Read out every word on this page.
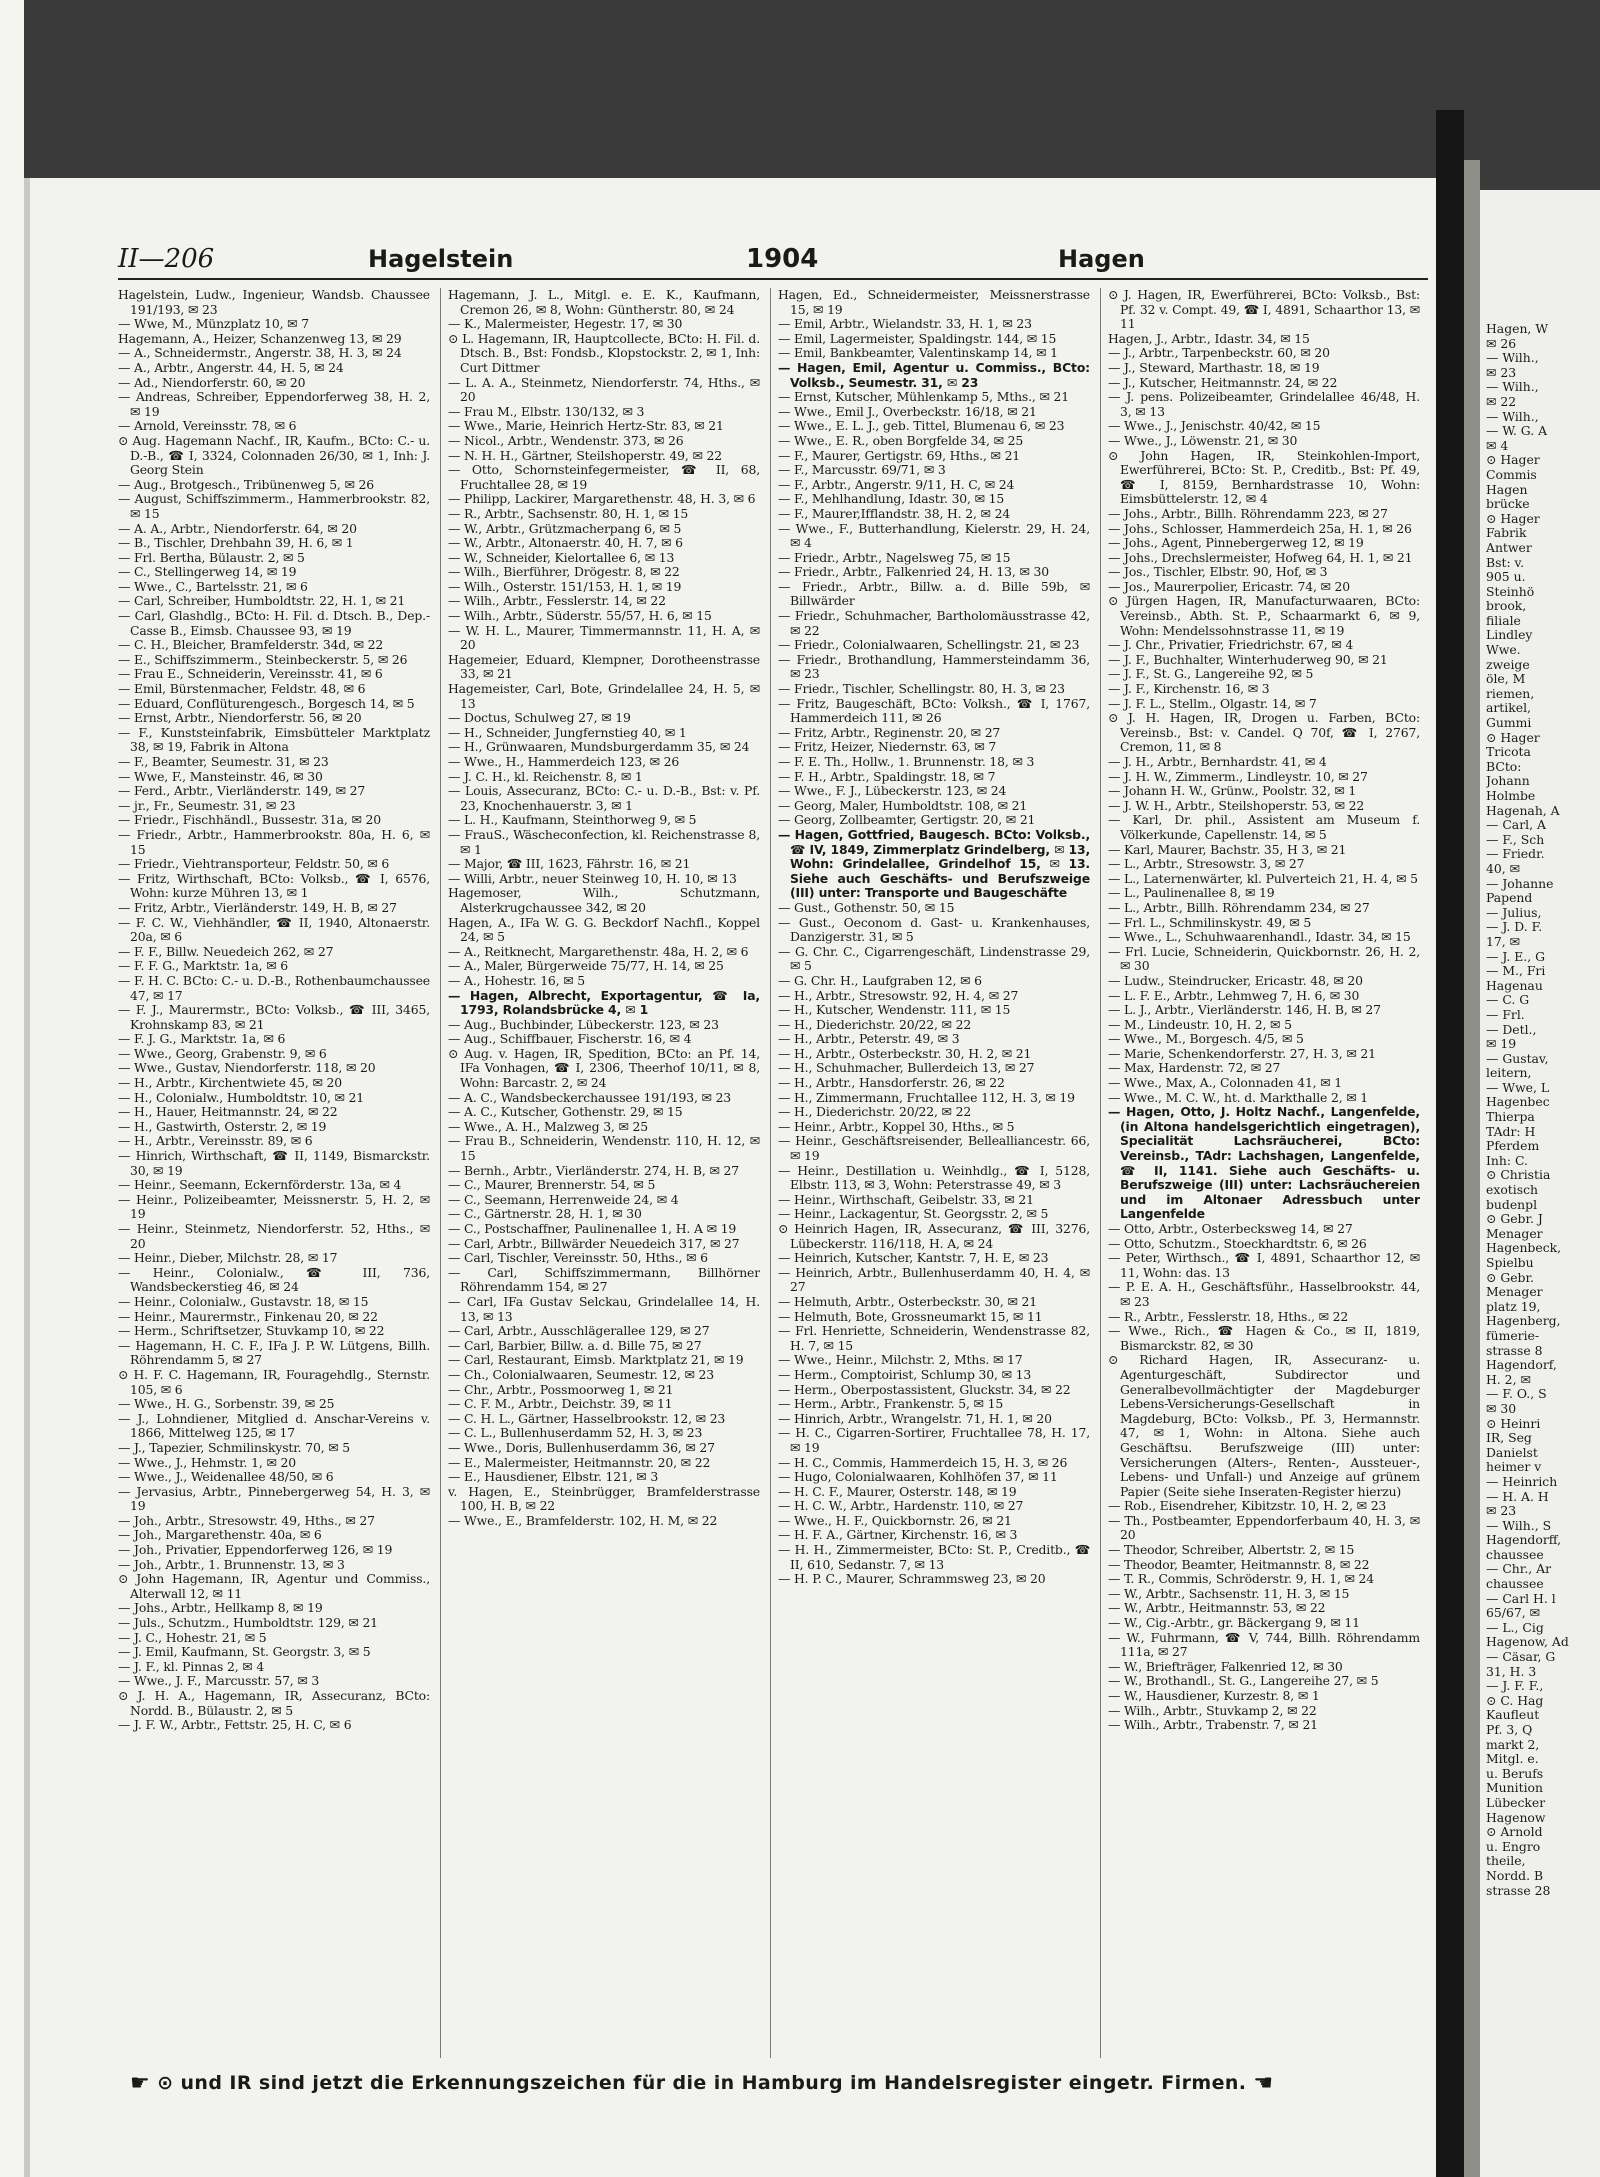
II—206	Hagelstein	1904	Hagen

Hagelstein, Ludw., Ingenieur, Wandsb. Chaussee 191/193, ✉ 23

— Wwe, M., Münzplatz 10, ✉ 7

Hagemann, A., Heizer, Schanzenweg 13, ✉ 29

— A., Schneidermstr., Angerstr. 38, H. 3, ✉ 24

— A., Arbtr., Angerstr. 44, H. 5, ✉ 24

— Ad., Niendorferstr. 60, ✉ 20

— Andreas, Schreiber, Eppendorferweg 38, H. 2, ✉ 19

— Arnold, Vereinsstr. 78, ✉ 6

⊙ Aug. Hagemann Nachf., IR, Kaufm., BCto: C.- u. D.-B., ☎ I, 3324, Colonnaden 26/30, ✉ 1, Inh: J. Georg Stein

— Aug., Brotgesch., Tribünenweg 5, ✉ 26

— August, Schiffszimmerm., Hammerbrookstr. 82, ✉ 15

— A. A., Arbtr., Niendorferstr. 64, ✉ 20

— B., Tischler, Drehbahn 39, H. 6, ✉ 1

— Frl. Bertha, Bülaustr. 2, ✉ 5

— C., Stellingerweg 14, ✉ 19

— Wwe., C., Bartelsstr. 21, ✉ 6

— Carl, Schreiber, Humboldtstr. 22, H. 1, ✉ 21

— Carl, Glashdlg., BCto: H. Fil. d. Dtsch. B., Dep.-Casse B., Eimsb. Chaussee 93, ✉ 19

— C. H., Bleicher, Bramfelderstr. 34d, ✉ 22

— E., Schiffszimmerm., Steinbeckerstr. 5, ✉ 26

— Frau E., Schneiderin, Vereinsstr. 41, ✉ 6

— Emil, Bürstenmacher, Feldstr. 48, ✉ 6

— Eduard, Conflüturengesch., Borgesch 14, ✉ 5

— Ernst, Arbtr., Niendorferstr. 56, ✉ 20

— F., Kunststeinfabrik, Eimsbütteler Marktplatz 38, ✉ 19, Fabrik in Altona

— F., Beamter, Seumestr. 31, ✉ 23

— Wwe, F., Mansteinstr. 46, ✉ 30

— Ferd., Arbtr., Vierländerstr. 149, ✉ 27

— jr., Fr., Seumestr. 31, ✉ 23

— Friedr., Fischhändl., Bussestr. 31a, ✉ 20

— Friedr., Arbtr., Hammerbrookstr. 80a, H. 6, ✉ 15

— Friedr., Viehtransporteur, Feldstr. 50, ✉ 6

— Fritz, Wirthschaft, BCto: Volksb., ☎ I, 6576, Wohn: kurze Mühren 13, ✉ 1

— Fritz, Arbtr., Vierländerstr. 149, H. B, ✉ 27

— F. C. W., Viehhändler, ☎ II, 1940, Altonaerstr. 20a, ✉ 6

— F. F., Billw. Neuedeich 262, ✉ 27

— F. F. G., Marktstr. 1a, ✉ 6

— F. H. C. BCto: C.- u. D.-B., Rothenbaumchaussee 47, ✉ 17

— F. J., Maurermstr., BCto: Volksb., ☎ III, 3465, Krohnskamp 83, ✉ 21

— F. J. G., Marktstr. 1a, ✉ 6

— Wwe., Georg, Grabenstr. 9, ✉ 6

— Wwe., Gustav, Niendorferstr. 118, ✉ 20

— H., Arbtr., Kirchentwiete 45, ✉ 20

— H., Colonialw., Humboldtstr. 10, ✉ 21

— H., Hauer, Heitmannstr. 24, ✉ 22

— H., Gastwirth, Osterstr. 2, ✉ 19

— H., Arbtr., Vereinsstr. 89, ✉ 6

— Hinrich, Wirthschaft, ☎ II, 1149, Bismarckstr. 30, ✉ 19

— Heinr., Seemann, Eckernförderstr. 13a, ✉ 4

— Heinr., Polizeibeamter, Meissnerstr. 5, H. 2, ✉ 19

— Heinr., Steinmetz, Niendorferstr. 52, Hths., ✉ 20

— Heinr., Dieber, Milchstr. 28, ✉ 17

— Heinr., Colonialw., ☎ III, 736, Wandsbeckerstieg 46, ✉ 24

— Heinr., Colonialw., Gustavstr. 18, ✉ 15

— Heinr., Maurermstr., Finkenau 20, ✉ 22

— Herm., Schriftsetzer, Stuvkamp 10, ✉ 22

— Hagemann, H. C. F., IFa J. P. W. Lütgens, Billh. Röhrendamm 5, ✉ 27

⊙ H. F. C. Hagemann, IR, Fouragehdlg., Sternstr. 105, ✉ 6

— Wwe., H. G., Sorbenstr. 39, ✉ 25

— J., Lohndiener, Mitglied d. Anschar-Vereins v. 1866, Mittelweg 125, ✉ 17

— J., Tapezier, Schmilinskystr. 70, ✉ 5

— Wwe., J., Hehmstr. 1, ✉ 20

— Wwe., J., Weidenallee 48/50, ✉ 6

— Jervasius, Arbtr., Pinnebergerweg 54, H. 3, ✉ 19

— Joh., Arbtr., Stresowstr. 49, Hths., ✉ 27

— Joh., Margarethenstr. 40a, ✉ 6

— Joh., Privatier, Eppendorferweg 126, ✉ 19

— Joh., Arbtr., 1. Brunnenstr. 13, ✉ 3

⊙ John Hagemann, IR, Agentur und Commiss., Alterwall 12, ✉ 11

— Johs., Arbtr., Hellkamp 8, ✉ 19

— Juls., Schutzm., Humboldtstr. 129, ✉ 21

— J. C., Hohestr. 21, ✉ 5

— J. Emil, Kaufmann, St. Georgstr. 3, ✉ 5

— J. F., kl. Pinnas 2, ✉ 4

— Wwe., J. F., Marcusstr. 57, ✉ 3

⊙ J. H. A., Hagemann, IR, Assecuranz, BCto: Nordd. B., Bülaustr. 2, ✉ 5

— J. F. W., Arbtr., Fettstr. 25, H. C, ✉ 6

Hagemann, J. L., Mitgl. e. E. K., Kaufmann, Cremon 26, ✉ 8, Wohn: Güntherstr. 80, ✉ 24

— K., Malermeister, Hegestr. 17, ✉ 30

⊙ L. Hagemann, IR, Hauptcollecte, BCto: H. Fil. d. Dtsch. B., Bst: Fondsb., Klopstockstr. 2, ✉ 1, Inh: Curt Dittmer

— L. A. A., Steinmetz, Niendorferstr. 74, Hths., ✉ 20

— Frau M., Elbstr. 130/132, ✉ 3

— Wwe., Marie, Heinrich Hertz-Str. 83, ✉ 21

— Nicol., Arbtr., Wendenstr. 373, ✉ 26

— N. H. H., Gärtner, Steilshoperstr. 49, ✉ 22

— Otto, Schornsteinfegermeister, ☎ II, 68, Fruchtallee 28, ✉ 19

— Philipp, Lackirer, Margarethenstr. 48, H. 3, ✉ 6

— R., Arbtr., Sachsenstr. 80, H. 1, ✉ 15

— W., Arbtr., Grützmacherpang 6, ✉ 5

— W., Arbtr., Altonaerstr. 40, H. 7, ✉ 6

— W., Schneider, Kielortallee 6, ✉ 13

— Wilh., Bierführer, Drögestr. 8, ✉ 22

— Wilh., Osterstr. 151/153, H. 1, ✉ 19

— Wilh., Arbtr., Fesslerstr. 14, ✉ 22

— Wilh., Arbtr., Süderstr. 55/57, H. 6, ✉ 15

— W. H. L., Maurer, Timmermannstr. 11, H. A, ✉ 20

Hagemeier, Eduard, Klempner, Dorotheenstrasse 33, ✉ 21

Hagemeister, Carl, Bote, Grindelallee 24, H. 5, ✉ 13

— Doctus, Schulweg 27, ✉ 19

— H., Schneider, Jungfernstieg 40, ✉ 1

— H., Grünwaaren, Mundsburgerdamm 35, ✉ 24

— Wwe., H., Hammerdeich 123, ✉ 26

— J. C. H., kl. Reichenstr. 8, ✉ 1

— Louis, Assecuranz, BCto: C.- u. D.-B., Bst: v. Pf. 23, Knochenhauerstr. 3, ✉ 1

— L. H., Kaufmann, Steinthorweg 9, ✉ 5

— FrauS., Wäscheconfection, kl. Reichenstrasse 8, ✉ 1

— Major, ☎ III, 1623, Fährstr. 16, ✉ 21

— Willi, Arbtr., neuer Steinweg 10, H. 10, ✉ 13

Hagemoser, Wilh., Schutzmann, Alsterkrugchaussee 342, ✉ 20

Hagen, A., IFa W. G. G. Beckdorf Nachfl., Koppel 24, ✉ 5

— A., Reitknecht, Margarethenstr. 48a, H. 2, ✉ 6

— A., Maler, Bürgerweide 75/77, H. 14, ✉ 25

— A., Hohestr. 16, ✉ 5

— Hagen, Albrecht, Exportagentur, ☎ Ia, 1793, Rolandsbrücke 4, ✉ 1

— Aug., Buchbinder, Lübeckerstr. 123, ✉ 23

— Aug., Schiffbauer, Fischerstr. 16, ✉ 4

⊙ Aug. v. Hagen, IR, Spedition, BCto: an Pf. 14, IFa Vonhagen, ☎ I, 2306, Theerhof 10/11, ✉ 8, Wohn: Barcastr. 2, ✉ 24

— A. C., Wandsbeckerchaussee 191/193, ✉ 23

— A. C., Kutscher, Gothenstr. 29, ✉ 15

— Wwe., A. H., Malzweg 3, ✉ 25

— Frau B., Schneiderin, Wendenstr. 110, H. 12, ✉ 15

— Bernh., Arbtr., Vierländerstr. 274, H. B, ✉ 27

— C., Maurer, Brennerstr. 54, ✉ 5

— C., Seemann, Herrenweide 24, ✉ 4

— C., Gärtnerstr. 28, H. 1, ✉ 30

— C., Postschaffner, Paulinenallee 1, H. A ✉ 19

— Carl, Arbtr., Billwärder Neuedeich 317, ✉ 27

— Carl, Tischler, Vereinsstr. 50, Hths., ✉ 6

— Carl, Schiffszimmermann, Billhörner Röhrendamm 154, ✉ 27

— Carl, IFa Gustav Selckau, Grindelallee 14, H. 13, ✉ 13

— Carl, Arbtr., Ausschlägerallee 129, ✉ 27

— Carl, Barbier, Billw. a. d. Bille 75, ✉ 27

— Carl, Restaurant, Eimsb. Marktplatz 21, ✉ 19

— Ch., Colonialwaaren, Seumestr. 12, ✉ 23

— Chr., Arbtr., Possmoorweg 1, ✉ 21

— C. F. M., Arbtr., Deichstr. 39, ✉ 11

— C. H. L., Gärtner, Hasselbrookstr. 12, ✉ 23

— C. L., Bullenhuserdamm 52, H. 3, ✉ 23

— Wwe., Doris, Bullenhuserdamm 36, ✉ 27

— E., Malermeister, Heitmannstr. 20, ✉ 22

— E., Hausdiener, Elbstr. 121, ✉ 3

v. Hagen, E., Steinbrügger, Bramfelderstrasse 100, H. B, ✉ 22

— Wwe., E., Bramfelderstr. 102, H. M, ✉ 22

Hagen, Ed., Schneidermeister, Meissnerstrasse 15, ✉ 19

— Emil, Arbtr., Wielandstr. 33, H. 1, ✉ 23

— Emil, Lagermeister, Spaldingstr. 144, ✉ 15

— Emil, Bankbeamter, Valentinskamp 14, ✉ 1

— Hagen, Emil, Agentur u. Commiss., BCto: Volksb., Seumestr. 31, ✉ 23

— Ernst, Kutscher, Mühlenkamp 5, Mths., ✉ 21

— Wwe., Emil J., Overbeckstr. 16/18, ✉ 21

— Wwe., E. L. J., geb. Tittel, Blumenau 6, ✉ 23

— Wwe., E. R., oben Borgfelde 34, ✉ 25

— F., Maurer, Gertigstr. 69, Hths., ✉ 21

— F., Marcusstr. 69/71, ✉ 3

— F., Arbtr., Angerstr. 9/11, H. C, ✉ 24

— F., Mehlhandlung, Idastr. 30, ✉ 15

— F., Maurer,Ifflandstr. 38, H. 2, ✉ 24

— Wwe., F., Butterhandlung, Kielerstr. 29, H. 24, ✉ 4

— Friedr., Arbtr., Nagelsweg 75, ✉ 15

— Friedr., Arbtr., Falkenried 24, H. 13, ✉ 30

— Friedr., Arbtr., Billw. a. d. Bille 59b, ✉ Billwärder

— Friedr., Schuhmacher, Bartholomäusstrasse 42, ✉ 22

— Friedr., Colonialwaaren, Schellingstr. 21, ✉ 23

— Friedr., Brothandlung, Hammersteindamm 36, ✉ 23

— Friedr., Tischler, Schellingstr. 80, H. 3, ✉ 23

— Fritz, Baugeschäft, BCto: Volksh., ☎ I, 1767, Hammerdeich 111, ✉ 26

— Fritz, Arbtr., Reginenstr. 20, ✉ 27

— Fritz, Heizer, Niedernstr. 63, ✉ 7

— F. E. Th., Hollw., 1. Brunnenstr. 18, ✉ 3

— F. H., Arbtr., Spaldingstr. 18, ✉ 7

— Wwe., F. J., Lübeckerstr. 123, ✉ 24

— Georg, Maler, Humboldtstr. 108, ✉ 21

— Georg, Zollbeamter, Gertigstr. 20, ✉ 21

— Hagen, Gottfried, Baugesch. BCto: Volksb., ☎ IV, 1849, Zimmerplatz Grindelberg, ✉ 13, Wohn: Grindelallee, Grindelhof 15, ✉ 13. Siehe auch Geschäfts- und Berufszweige (III) unter: Transporte und Baugeschäfte

— Gust., Gothenstr. 50, ✉ 15

— Gust., Oeconom d. Gast- u. Krankenhauses, Danzigerstr. 31, ✉ 5

— G. Chr. C., Cigarrengeschäft, Lindenstrasse 29, ✉ 5

— G. Chr. H., Laufgraben 12, ✉ 6

— H., Arbtr., Stresowstr. 92, H. 4, ✉ 27

— H., Kutscher, Wendenstr. 111, ✉ 15

— H., Diederichstr. 20/22, ✉ 22

— H., Arbtr., Peterstr. 49, ✉ 3

— H., Arbtr., Osterbeckstr. 30, H. 2, ✉ 21

— H., Schuhmacher, Bullerdeich 13, ✉ 27

— H., Arbtr., Hansdorferstr. 26, ✉ 22

— H., Zimmermann, Fruchtallee 112, H. 3, ✉ 19

— H., Diederichstr. 20/22, ✉ 22

— Heinr., Arbtr., Koppel 30, Hths., ✉ 5

— Heinr., Geschäftsreisender, Bellealliancestr. 66, ✉ 19

— Heinr., Destillation u. Weinhdlg., ☎ I, 5128, Elbstr. 113, ✉ 3, Wohn: Peterstrasse 49, ✉ 3

— Heinr., Wirthschaft, Geibelstr. 33, ✉ 21

— Heinr., Lackagentur, St. Georgsstr. 2, ✉ 5

⊙ Heinrich Hagen, IR, Assecuranz, ☎ III, 3276, Lübeckerstr. 116/118, H. A, ✉ 24

— Heinrich, Kutscher, Kantstr. 7, H. E, ✉ 23

— Heinrich, Arbtr., Bullenhuserdamm 40, H. 4, ✉ 27

— Helmuth, Arbtr., Osterbeckstr. 30, ✉ 21

— Helmuth, Bote, Grossneumarkt 15, ✉ 11

— Frl. Henriette, Schneiderin, Wendenstrasse 82, H. 7, ✉ 15

— Wwe., Heinr., Milchstr. 2, Mths. ✉ 17

— Herm., Comptoirist, Schlump 30, ✉ 13

— Herm., Oberpostassistent, Gluckstr. 34, ✉ 22

— Herm., Arbtr., Frankenstr. 5, ✉ 15

— Hinrich, Arbtr., Wrangelstr. 71, H. 1, ✉ 20

— H. C., Cigarren-Sortirer, Fruchtallee 78, H. 17, ✉ 19

— H. C., Commis, Hammerdeich 15, H. 3, ✉ 26

— Hugo, Colonialwaaren, Kohlhöfen 37, ✉ 11

— H. C. F., Maurer, Osterstr. 148, ✉ 19

— H. C. W., Arbtr., Hardenstr. 110, ✉ 27

— Wwe., H. F., Quickbornstr. 26, ✉ 21

— H. F. A., Gärtner, Kirchenstr. 16, ✉ 3

— H. H., Zimmermeister, BCto: St. P., Creditb., ☎ II, 610, Sedanstr. 7, ✉ 13

— H. P. C., Maurer, Schrammsweg 23, ✉ 20

⊙ J. Hagen, IR, Ewerführerei, BCto: Volksb., Bst: Pf. 32 v. Compt. 49, ☎ I, 4891, Schaarthor 13, ✉ 11

Hagen, J., Arbtr., Idastr. 34, ✉ 15

— J., Arbtr., Tarpenbeckstr. 60, ✉ 20

— J., Steward, Marthastr. 18, ✉ 19

— J., Kutscher, Heitmannstr. 24, ✉ 22

— J. pens. Polizeibeamter, Grindelallee 46/48, H. 3, ✉ 13

— Wwe., J., Jenischstr. 40/42, ✉ 15

— Wwe., J., Löwenstr. 21, ✉ 30

⊙ John Hagen, IR, Steinkohlen-Import, Ewerführerei, BCto: St. P., Creditb., Bst: Pf. 49, ☎ I, 8159, Bernhardstrasse 10, Wohn: Eimsbüttelerstr. 12, ✉ 4

— Johs., Arbtr., Billh. Röhrendamm 223, ✉ 27

— Johs., Schlosser, Hammerdeich 25a, H. 1, ✉ 26

— Johs., Agent, Pinnebergerweg 12, ✉ 19

— Johs., Drechslermeister, Hofweg 64, H. 1, ✉ 21

— Jos., Tischler, Elbstr. 90, Hof, ✉ 3

— Jos., Maurerpolier, Ericastr. 74, ✉ 20

⊙ Jürgen Hagen, IR, Manufacturwaaren, BCto: Vereinsb., Abth. St. P., Schaarmarkt 6, ✉ 9, Wohn: Mendelssohnstrasse 11, ✉ 19

— J. Chr., Privatier, Friedrichstr. 67, ✉ 4

— J. F., Buchhalter, Winterhuderweg 90, ✉ 21

— J. F., St. G., Langereihe 92, ✉ 5

— J. F., Kirchenstr. 16, ✉ 3

— J. F. L., Stellm., Olgastr. 14, ✉ 7

⊙ J. H. Hagen, IR, Drogen u. Farben, BCto: Vereinsb., Bst: v. Candel. Q 70f, ☎ I, 2767, Cremon, 11, ✉ 8

— J. H., Arbtr., Bernhardstr. 41, ✉ 4

— J. H. W., Zimmerm., Lindleystr. 10, ✉ 27

— Johann H. W., Grünw., Poolstr. 32, ✉ 1

— J. W. H., Arbtr., Steilshoperstr. 53, ✉ 22

— Karl, Dr. phil., Assistent am Museum f. Völkerkunde, Capellenstr. 14, ✉ 5

— Karl, Maurer, Bachstr. 35, H 3, ✉ 21

— L., Arbtr., Stresowstr. 3, ✉ 27

— L., Laternenwärter, kl. Pulverteich 21, H. 4, ✉ 5

— L., Paulinenallee 8, ✉ 19

— L., Arbtr., Billh. Röhrendamm 234, ✉ 27

— Frl. L., Schmilinskystr. 49, ✉ 5

— Wwe., L., Schuhwaarenhandl., Idastr. 34, ✉ 15

— Frl. Lucie, Schneiderin, Quickbornstr. 26, H. 2, ✉ 30

— Ludw., Steindrucker, Ericastr. 48, ✉ 20

— L. F. E., Arbtr., Lehmweg 7, H. 6, ✉ 30

— L. J., Arbtr., Vierländerstr. 146, H. B, ✉ 27

— M., Lindeustr. 10, H. 2, ✉ 5

— Wwe., M., Borgesch. 4/5, ✉ 5

— Marie, Schenkendorferstr. 27, H. 3, ✉ 21

— Max, Hardenstr. 72, ✉ 27

— Wwe., Max, A., Colonnaden 41, ✉ 1

— Wwe., M. C. W., ht. d. Markthalle 2, ✉ 1

— Hagen, Otto, J. Holtz Nachf., Langenfelde, (in Altona handelsgerichtlich eingetragen), Specialität Lachsräucherei, BCto: Vereinsb., TAdr: Lachshagen, Langenfelde, ☎ II, 1141. Siehe auch Geschäfts- u. Berufszweige (III) unter: Lachsräuchereien und im Altonaer Adressbuch unter Langenfelde

— Otto, Arbtr., Osterbecksweg 14, ✉ 27

— Otto, Schutzm., Stoeckhardtstr. 6, ✉ 26

— Peter, Wirthsch., ☎ I, 4891, Schaarthor 12, ✉ 11, Wohn: das. 13

— P. E. A. H., Geschäftsführ., Hasselbrookstr. 44, ✉ 23

— R., Arbtr., Fesslerstr. 18, Hths., ✉ 22

— Wwe., Rich., ☎ Hagen & Co., ✉ II, 1819, Bismarckstr. 82, ✉ 30

⊙ Richard Hagen, IR, Assecuranz- u. Agenturgeschäft, Subdirector und Generalbevollmächtigter der Magdeburger Lebens-Versicherungs-Gesellschaft in Magdeburg, BCto: Volksb., Pf. 3, Hermannstr. 47, ✉ 1, Wohn: in Altona. Siehe auch Geschäftsu. Berufszweige (III) unter: Versicherungen (Alters-, Renten-, Aussteuer-, Lebens- und Unfall-) und Anzeige auf grünem Papier (Seite siehe Inseraten-Register hierzu)

— Rob., Eisendreher, Kibitzstr. 10, H. 2, ✉ 23

— Th., Postbeamter, Eppendorferbaum 40, H. 3, ✉ 20

— Theodor, Schreiber, Albertstr. 2, ✉ 15

— Theodor, Beamter, Heitmannstr. 8, ✉ 22

— T. R., Commis, Schröderstr. 9, H. 1, ✉ 24

— W., Arbtr., Sachsenstr. 11, H. 3, ✉ 15

— W., Arbtr., Heitmannstr. 53, ✉ 22

— W., Cig.-Arbtr., gr. Bäckergang 9, ✉ 11

— W., Fuhrmann, ☎ V, 744, Billh. Röhrendamm 111a, ✉ 27

— W., Briefträger, Falkenried 12, ✉ 30

— W., Brothandl., St. G., Langereihe 27, ✉ 5

— W., Hausdiener, Kurzestr. 8, ✉ 1

— Wilh., Arbtr., Stuvkamp 2, ✉ 22

— Wilh., Arbtr., Trabenstr. 7, ✉ 21

☛ ⊙ und IR sind jetzt die Erkennungszeichen für die in Hamburg im Handelsregister eingetr. Firmen. ☚
Hagen, W
✉ 26
— Wilh.,
✉ 23
— Wilh.,
✉ 22
— Wilh.,
— W. G. A
✉ 4
⊙ Hager
Commis
Hagen
brücke
⊙ Hager
Fabrik
Antwer
Bst: v.
905 u.
Steinhö
brook,
filiale
Lindley
Wwe.
zweige
öle, M
riemen,
artikel,
Gummi
⊙ Hager
Tricota
BCto:
Johann
Holmbe
Hagenah, A
— Carl, A
— F., Sch
— Friedr.
40, ✉
— Johanne
Papend
— Julius,
— J. D. F.
17, ✉
— J. E., G
— M., Fri
Hagenau
— C. G
— Frl.
— Detl.,
✉ 19
— Gustav,
leitern,
— Wwe, L
Hagenbec
Thierpa
TAdr: H
Pferdem
Inh: C.
⊙ Christia
exotisch
budenpl
⊙ Gebr. J
Menager
Hagenbeck,
Spielbu
⊙ Gebr.
Menager
platz 19,
Hagenberg,
fümerie-
strasse 8
Hagendorf,
H. 2, ✉
— F. O., S
✉ 30
⊙ Heinri
IR, Seg
Danielst
heimer v
— Heinrich
— H. A. H
✉ 23
— Wilh., S
Hagendorff,
chaussee
— Chr., Ar
chaussee
— Carl H. l
65/67, ✉
— L., Cig
Hagenow, Ad
— Cäsar, G
31, H. 3
— J. F. F.,
⊙ C. Hag
Kaufleut
Pf. 3, Q
markt 2,
Mitgl. e.
u. Berufs
Munition
Lübecker
Hagenow
⊙ Arnold
u. Engro
theile,
Nordd. B
strasse 28
